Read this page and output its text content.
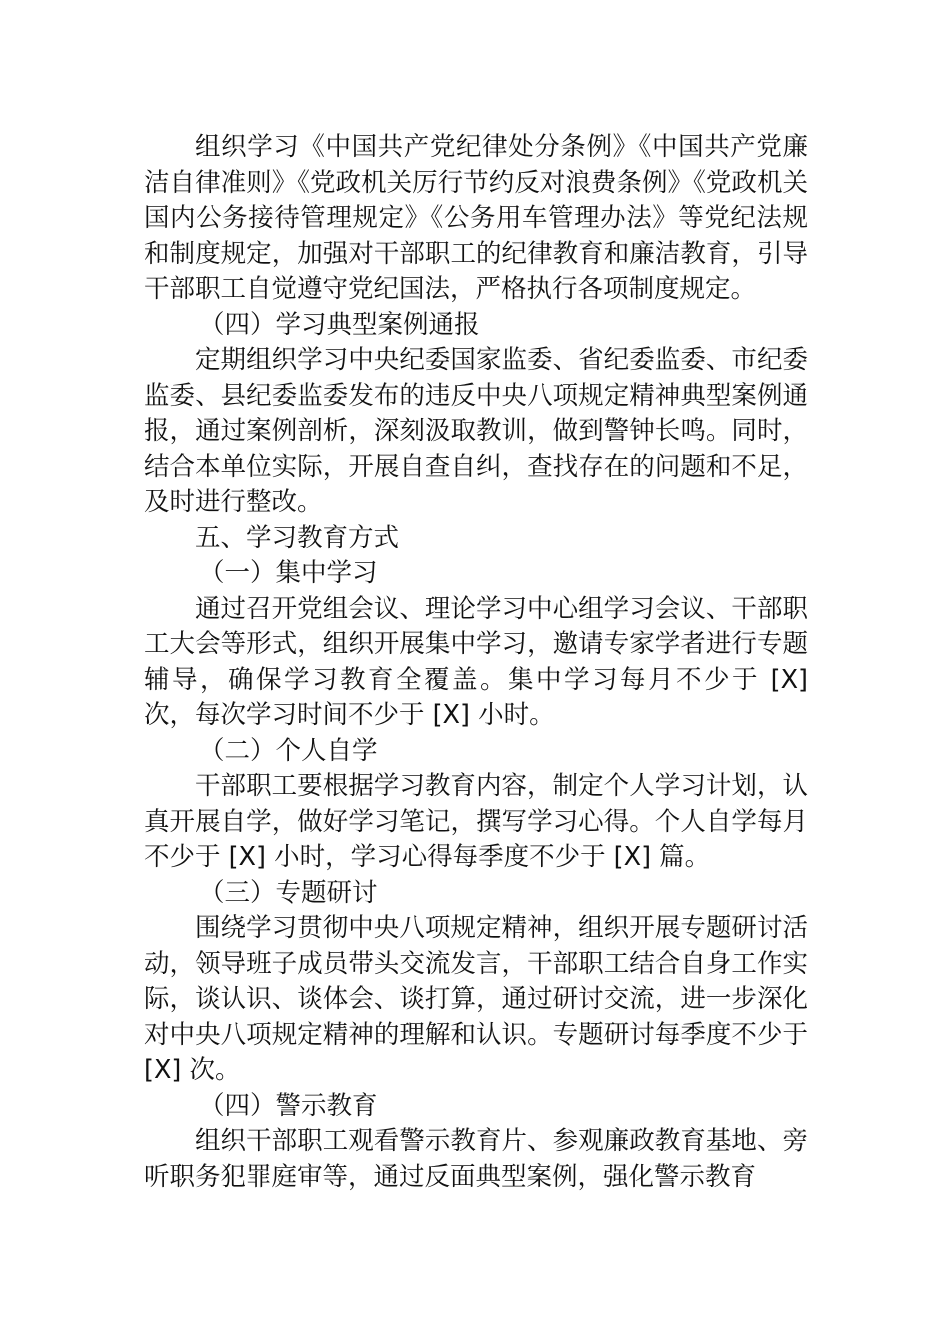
组织学习《中国共产党纪律处分条例》《中国共产党廉洁自律准则》《党政机关厉行节约反对浪费条例》《党政机关国内公务接待管理规定》《公务用车管理办法》等党纪法规和制度规定，加强对干部职工的纪律教育和廉洁教育，引导干部职工自觉遵守党纪国法，严格执行各项制度规定。

（四）学习典型案例通报

定期组织学习中央纪委国家监委、省纪委监委、市纪委监委、县纪委监委发布的违反中央八项规定精神典型案例通报，通过案例剖析，深刻汲取教训，做到警钟长鸣。同时，结合本单位实际，开展自查自纠，查找存在的问题和不足，及时进行整改。

五、学习教育方式

（一）集中学习

通过召开党组会议、理论学习中心组学习会议、干部职工大会等形式，组织开展集中学习，邀请专家学者进行专题辅导，确保学习教育全覆盖。集中学习每月不少于 [X] 次，每次学习时间不少于 [X] 小时。

（二）个人自学

干部职工要根据学习教育内容，制定个人学习计划，认真开展自学，做好学习笔记，撰写学习心得。个人自学每月不少于 [X] 小时，学习心得每季度不少于 [X] 篇。

（三）专题研讨

围绕学习贯彻中央八项规定精神，组织开展专题研讨活动，领导班子成员带头交流发言，干部职工结合自身工作实际，谈认识、谈体会、谈打算，通过研讨交流，进一步深化对中央八项规定精神的理解和认识。专题研讨每季度不少于 [X] 次。

（四）警示教育

组织干部职工观看警示教育片、参观廉政教育基地、旁听职务犯罪庭审等，通过反面典型案例，强化警示教育
